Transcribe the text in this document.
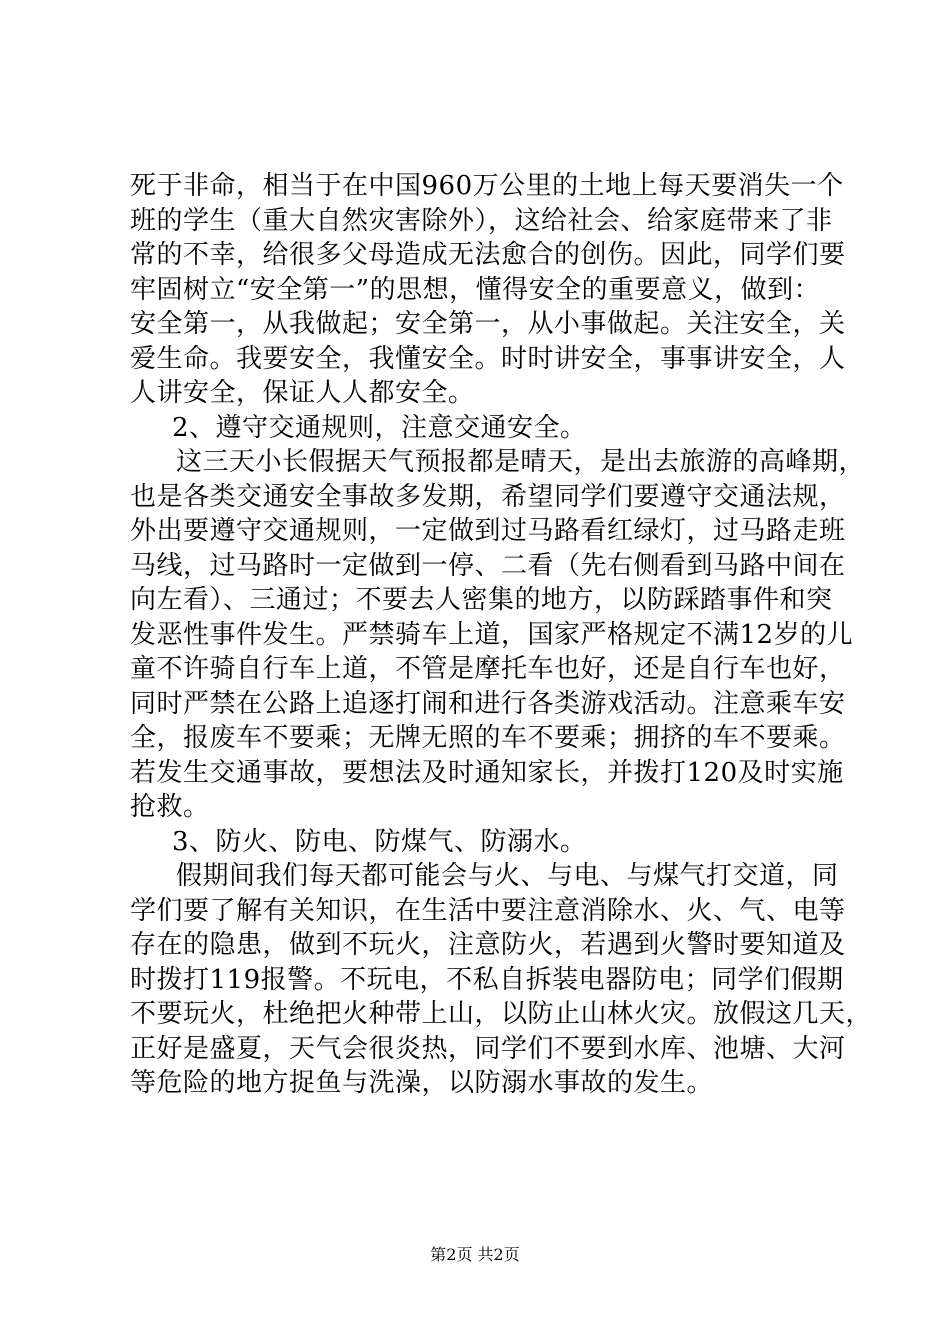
死于非命，相当于在中国960万公里的土地上每天要消失一个
班的学生（重大自然灾害除外），这给社会、给家庭带来了非
常的不幸，给很多父母造成无法愈合的创伤。因此，同学们要
牢固树立“安全第一”的思想，懂得安全的重要意义，做到：
安全第一，从我做起；安全第一，从小事做起。关注安全，关
爱生命。我要安全，我懂安全。时时讲安全，事事讲安全，人
人讲安全，保证人人都安全。
2、遵守交通规则，注意交通安全。
这三天小长假据天气预报都是晴天，是出去旅游的高峰期，
也是各类交通安全事故多发期，希望同学们要遵守交通法规，
外出要遵守交通规则，一定做到过马路看红绿灯，过马路走班
马线，过马路时一定做到一停、二看（先右侧看到马路中间在
向左看）、三通过；不要去人密集的地方，以防踩踏事件和突
发恶性事件发生。严禁骑车上道，国家严格规定不满12岁的儿
童不许骑自行车上道，不管是摩托车也好，还是自行车也好，
同时严禁在公路上追逐打闹和进行各类游戏活动。注意乘车安
全，报废车不要乘；无牌无照的车不要乘；拥挤的车不要乘。
若发生交通事故，要想法及时通知家长，并拨打120及时实施
抢救。
3、防火、防电、防煤气、防溺水。
假期间我们每天都可能会与火、与电、与煤气打交道，同
学们要了解有关知识，在生活中要注意消除水、火、气、电等
存在的隐患，做到不玩火，注意防火，若遇到火警时要知道及
时拨打119报警。不玩电，不私自拆装电器防电；同学们假期
不要玩火，杜绝把火种带上山，以防止山林火灾。放假这几天，
正好是盛夏，天气会很炎热，同学们不要到水库、池塘、大河
等危险的地方捉鱼与洗澡，以防溺水事故的发生。
第2页 共2页
